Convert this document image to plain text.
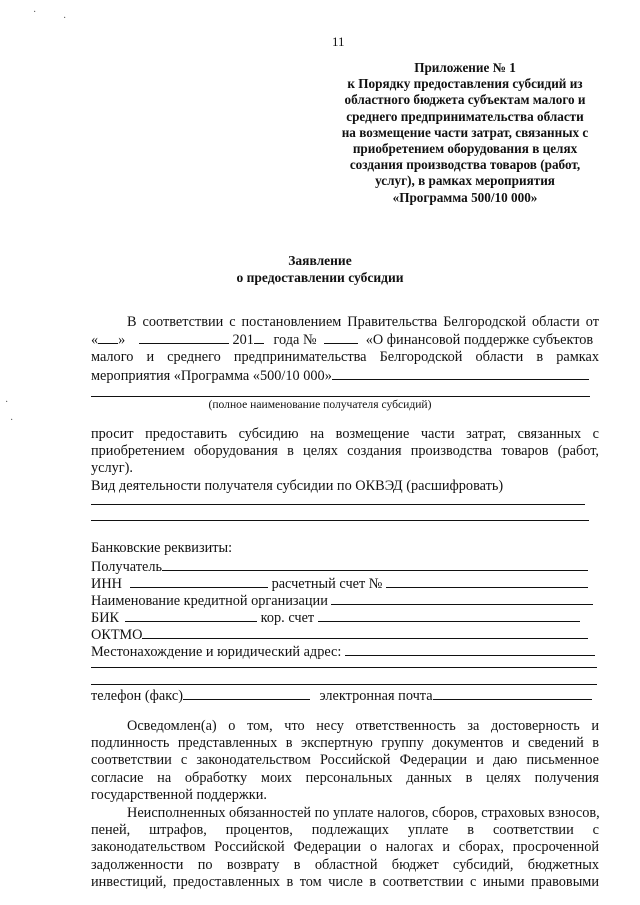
·
·
·
·
11
Приложение № 1
к Порядку предоставления субсидий из
областного бюджета субъектам малого и
среднего предпринимательства области
на возмещение части затрат, связанных с
приобретением оборудования в целях
создания производства товаров (работ,
услуг), в рамках мероприятия
«Программа 500/10 000»
Заявление
о предоставлении субсидии
В соответствии с постановлением Правительства Белгородской области от
« »	201 года №	«О финансовой поддержке субъектов
малого и среднего предпринимательства Белгородской области в рамках
мероприятия «Программа «500/10 000»
(полное наименование получателя субсидий)
просит предоставить субсидию на возмещение части затрат, связанных с
приобретением оборудования в целях создания производства товаров (работ,
услуг).
Вид деятельности получателя субсидии по ОКВЭД (расшифровать)
Банковские реквизиты:
Получатель
ИНН	расчетный счет №
Наименование кредитной организации
БИК	кор. счет
ОКТМО
Местонахождение и юридический адрес:
телефон (факс)	электронная почта
Осведомлен(а) о том, что несу ответственность за достоверность и
подлинность представленных в экспертную группу документов и сведений в
соответствии с законодательством Российской Федерации и даю письменное
согласие на обработку моих персональных данных в целях получения
государственной поддержки.
Неисполненных обязанностей по уплате налогов, сборов, страховых взносов,
пеней, штрафов, процентов, подлежащих уплате в соответствии с
законодательством Российской Федерации о налогах и сборах, просроченной
задолженности по возврату в областной бюджет субсидий, бюджетных
инвестиций, предоставленных в том числе в соответствии с иными правовыми
